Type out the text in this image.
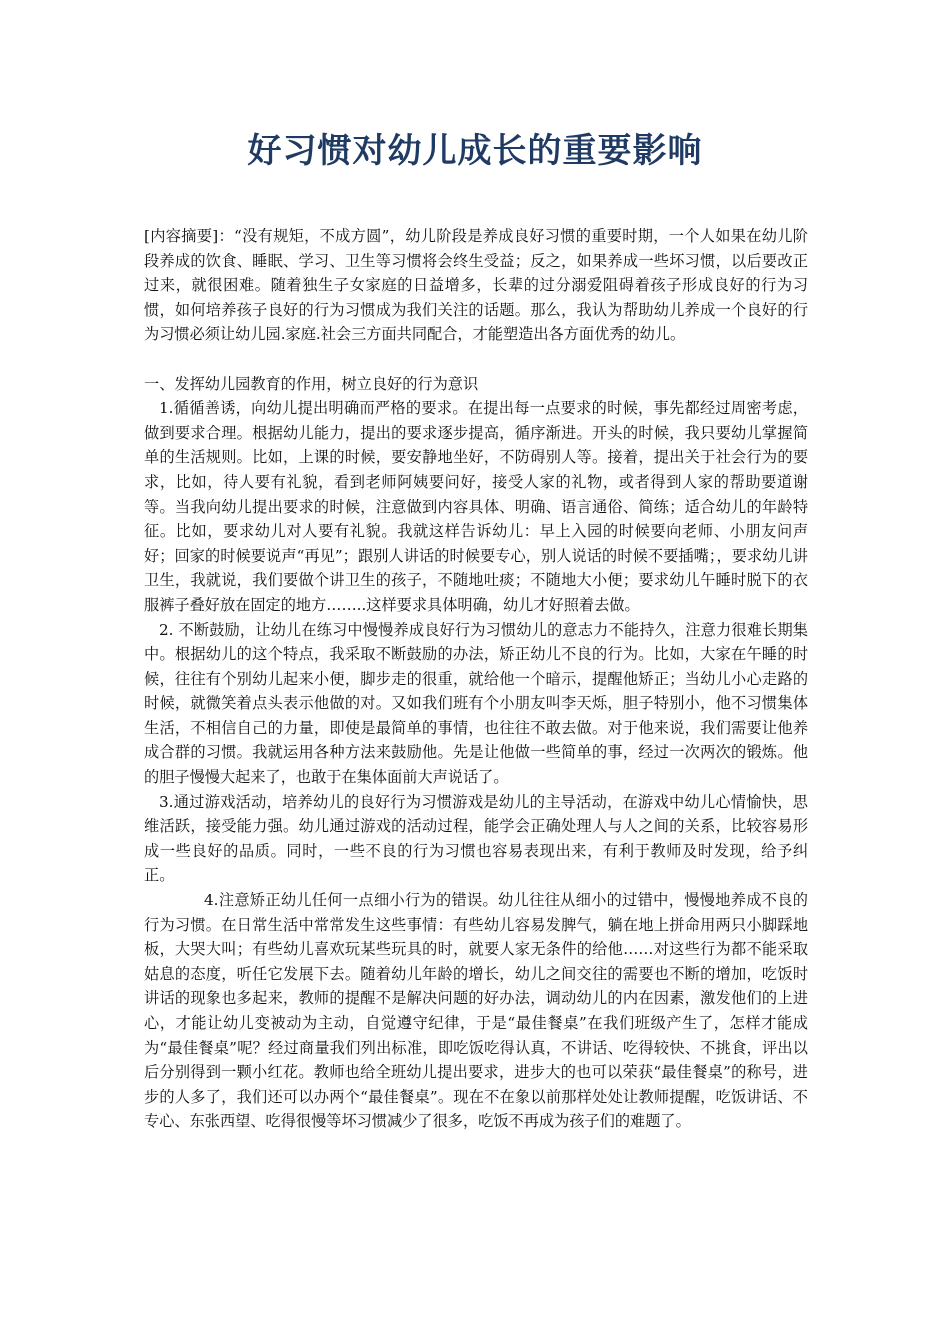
好习惯对幼儿成长的重要影响

[内容摘要]：“没有规矩，不成方圆”，幼儿阶段是养成良好习惯的重要时期，一个人如果在幼儿阶段养成的饮食、睡眠、学习、卫生等习惯将会终生受益；反之，如果养成一些坏习惯，以后要改正过来，就很困难。随着独生子女家庭的日益增多，长辈的过分溺爱阻碍着孩子形成良好的行为习惯，如何培养孩子良好的行为习惯成为我们关注的话题。那么，我认为帮助幼儿养成一个良好的行为习惯必须让幼儿园.家庭.社会三方面共同配合，才能塑造出各方面优秀的幼儿。

一、发挥幼儿园教育的作用，树立良好的行为意识

1.循循善诱，向幼儿提出明确而严格的要求。在提出每一点要求的时候，事先都经过周密考虑，做到要求合理。根据幼儿能力，提出的要求逐步提高，循序渐进。开头的时候，我只要幼儿掌握简单的生活规则。比如，上课的时候，要安静地坐好，不防碍别人等。接着，提出关于社会行为的要求，比如，待人要有礼貌，看到老师阿姨要问好，接受人家的礼物，或者得到人家的帮助要道谢等。当我向幼儿提出要求的时候，注意做到内容具体、明确、语言通俗、简练；适合幼儿的年龄特征。比如，要求幼儿对人要有礼貌。我就这样告诉幼儿：早上入园的时候要向老师、小朋友问声好；回家的时候要说声“再见”；跟别人讲话的时候要专心，别人说话的时候不要插嘴；，要求幼儿讲卫生，我就说，我们要做个讲卫生的孩子，不随地吐痰；不随地大小便；要求幼儿午睡时脱下的衣服裤子叠好放在固定的地方……..这样要求具体明确，幼儿才好照着去做。

2. 不断鼓励，让幼儿在练习中慢慢养成良好行为习惯幼儿的意志力不能持久，注意力很难长期集中。根据幼儿的这个特点，我采取不断鼓励的办法，矫正幼儿不良的行为。比如，大家在午睡的时候，往往有个别幼儿起来小便，脚步走的很重，就给他一个暗示，提醒他矫正；当幼儿小心走路的时候，就微笑着点头表示他做的对。又如我们班有个小朋友叫李天烁，胆子特别小，他不习惯集体生活，不相信自己的力量，即使是最简单的事情，也往往不敢去做。对于他来说，我们需要让他养成合群的习惯。我就运用各种方法来鼓励他。先是让他做一些简单的事，经过一次两次的锻炼。他的胆子慢慢大起来了，也敢于在集体面前大声说话了。

3.通过游戏活动，培养幼儿的良好行为习惯游戏是幼儿的主导活动，在游戏中幼儿心情愉快，思维活跃，接受能力强。幼儿通过游戏的活动过程，能学会正确处理人与人之间的关系，比较容易形成一些良好的品质。同时，一些不良的行为习惯也容易表现出来，有利于教师及时发现，给予纠正。

4.注意矫正幼儿任何一点细小行为的错误。幼儿往往从细小的过错中，慢慢地养成不良的行为习惯。在日常生活中常常发生这些事情：有些幼儿容易发脾气，躺在地上拼命用两只小脚踩地板，大哭大叫；有些幼儿喜欢玩某些玩具的时，就要人家无条件的给他……对这些行为都不能采取姑息的态度，听任它发展下去。随着幼儿年龄的增长，幼儿之间交往的需要也不断的增加，吃饭时讲话的现象也多起来，教师的提醒不是解决问题的好办法，调动幼儿的内在因素，激发他们的上进心，才能让幼儿变被动为主动，自觉遵守纪律，于是“最佳餐桌”在我们班级产生了，怎样才能成为“最佳餐桌”呢？经过商量我们列出标准，即吃饭吃得认真，不讲话、吃得较快、不挑食，评出以后分别得到一颗小红花。教师也给全班幼儿提出要求，进步大的也可以荣获“最佳餐桌”的称号，进步的人多了，我们还可以办两个“最佳餐桌”。现在不在象以前那样处处让教师提醒，吃饭讲话、不专心、东张西望、吃得很慢等坏习惯减少了很多，吃饭不再成为孩子们的难题了。
